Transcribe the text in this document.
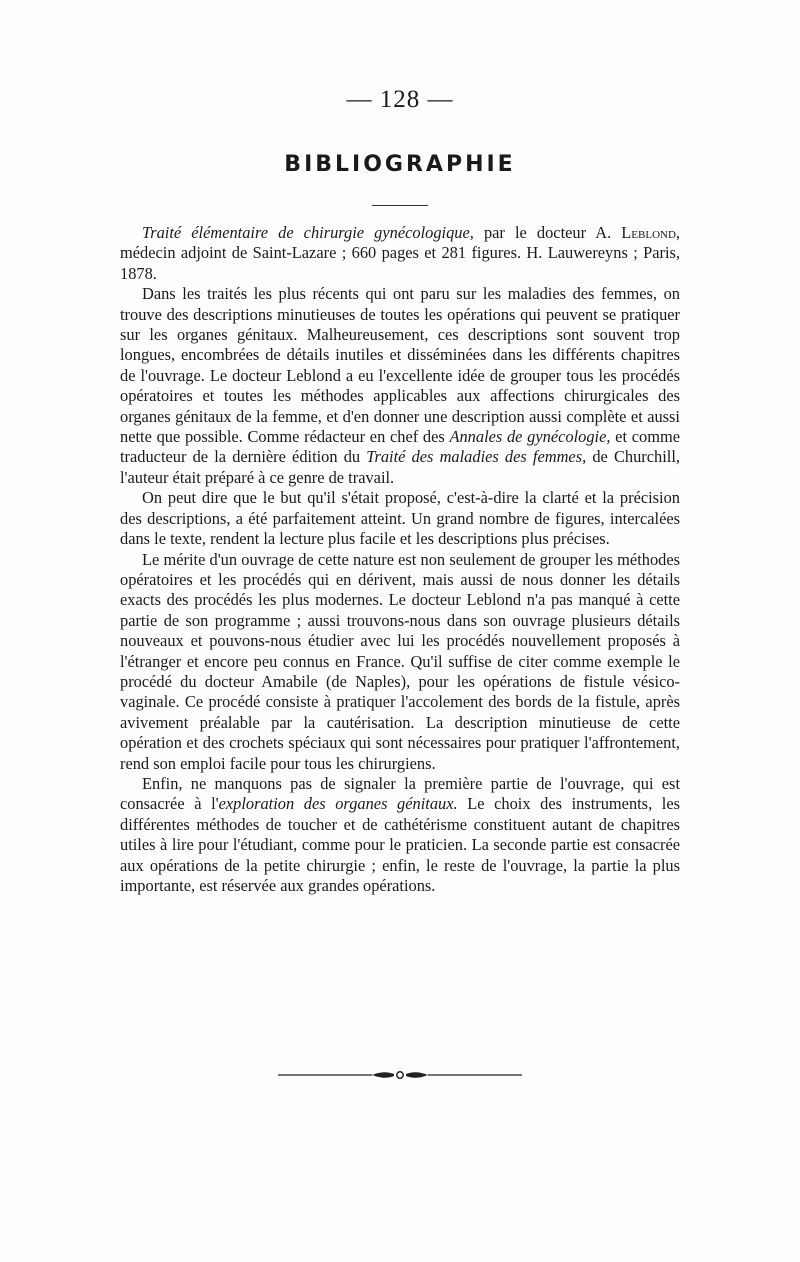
— 128 —
BIBLIOGRAPHIE

Traité élémentaire de chirurgie gynécologique, par le docteur A. Leblond, médecin adjoint de Saint-Lazare ; 660 pages et 281 figures. H. Lauwereyns ; Paris, 1878.

Dans les traités les plus récents qui ont paru sur les maladies des femmes, on trouve des descriptions minutieuses de toutes les opérations qui peuvent se pratiquer sur les organes génitaux. Malheureusement, ces descriptions sont souvent trop longues, encombrées de détails inutiles et disséminées dans les différents chapitres de l'ouvrage. Le docteur Leblond a eu l'excellente idée de grouper tous les procédés opératoires et toutes les méthodes applicables aux affections chirurgicales des organes génitaux de la femme, et d'en donner une description aussi complète et aussi nette que possible. Comme rédacteur en chef des Annales de gynécologie, et comme traducteur de la dernière édition du Traité des maladies des femmes, de Churchill, l'auteur était préparé à ce genre de travail.

On peut dire que le but qu'il s'était proposé, c'est-à-dire la clarté et la précision des descriptions, a été parfaitement atteint. Un grand nombre de figures, intercalées dans le texte, rendent la lecture plus facile et les descriptions plus précises.

Le mérite d'un ouvrage de cette nature est non seulement de grouper les méthodes opératoires et les procédés qui en dérivent, mais aussi de nous donner les détails exacts des procédés les plus modernes. Le docteur Leblond n'a pas manqué à cette partie de son programme ; aussi trouvons-nous dans son ouvrage plusieurs détails nouveaux et pouvons-nous étudier avec lui les procédés nouvellement proposés à l'étranger et encore peu connus en France. Qu'il suffise de citer comme exemple le procédé du docteur Amabile (de Naples), pour les opérations de fistule vésico-vaginale. Ce procédé consiste à pratiquer l'accolement des bords de la fistule, après avivement préalable par la cautérisation. La description minutieuse de cette opération et des crochets spéciaux qui sont nécessaires pour pratiquer l'affrontement, rend son emploi facile pour tous les chirurgiens.

Enfin, ne manquons pas de signaler la première partie de l'ouvrage, qui est consacrée à l'exploration des organes génitaux. Le choix des instruments, les différentes méthodes de toucher et de cathétérisme constituent autant de chapitres utiles à lire pour l'étudiant, comme pour le praticien. La seconde partie est consacrée aux opérations de la petite chirurgie ; enfin, le reste de l'ouvrage, la partie la plus importante, est réservée aux grandes opérations.
